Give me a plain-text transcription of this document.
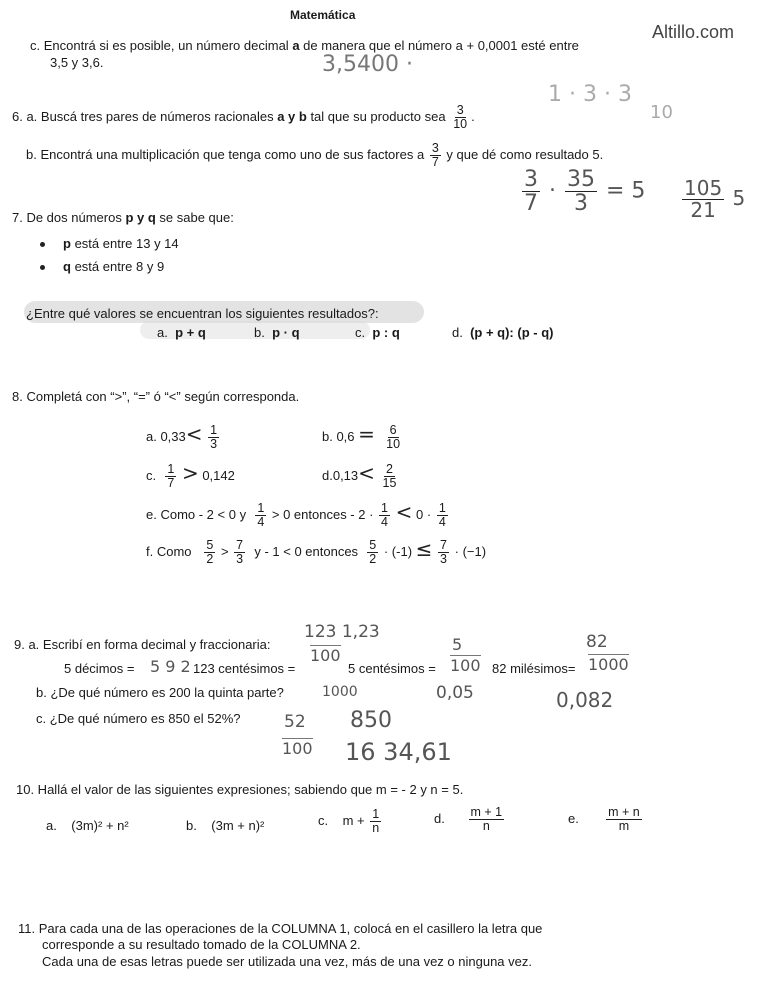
Matemática
Altillo.com
c. Encontrá si es posible, un número decimal a de manera que el número a + 0,0001 esté entre
3,5 y 3,6.	3,5400 ·
6. a. Buscá tres pares de números racionales a y b tal que su producto sea $\frac{3}{10}$ .
1 · 3 · 3
10
b. Encontrá una multiplicación que tenga como uno de sus factores a $\frac{3}{7}$ y que dé como resultado 5.
$\frac{3}{7} \cdot \frac{35}{3} = 5 \frac{105}{21} 5$
7. De dos números p y q se sabe que:
p está entre 13 y 14
q está entre 8 y 9
¿Entre qué valores se encuentran los siguientes resultados?:
a. p + q	b. p · q	c. p : q	d. (p + q): (p - q)
8. Completá con “>”, “=” ó “<” según corresponda.
a. $0,33< \frac{1}{3}$	b. $0,6 = \frac{6}{10}$
c. $\frac{1}{7} > 0,142$	$d.0,13< \frac{2}{15}$
e. Como - 2 < 0 y $\frac{1}{4} > 0$ entonces - $2 \cdot \frac{1}{4} < 0 \cdot \frac{1}{4}$
f. Como $\frac{5}{2} > \frac{7}{3}$ y - 1 < 0 entonces $\frac{5}{2} \cdot (-1) \le \frac{7}{3} \cdot (-1)$
9. a. Escribí en forma decimal y fraccionaria:
123 1,23
5 décimos = 5 9 2 123 centésimos =
100
5 centésimos =
5
100
0,05
82 milésimos=
82
1000
0,082
b. ¿De qué número es 200 la quinta parte?	1000
c. ¿De qué número es 850 el 52%?	52
100
850
16 34,61
10. Hallá el valor de las siguientes expresiones; sabiendo que m = - 2 y n = 5.
a. (3m)² + n²	b. (3m + n)²	c. $m + \frac{1}{n}$	d. $\frac{m + 1}{n}$	e. $\frac{m + n}{m}$
11. Para cada una de las operaciones de la COLUMNA 1, colocá en el casillero la letra que
corresponde a su resultado tomado de la COLUMNA 2.
Cada una de esas letras puede ser utilizada una vez, más de una vez o ninguna vez.
